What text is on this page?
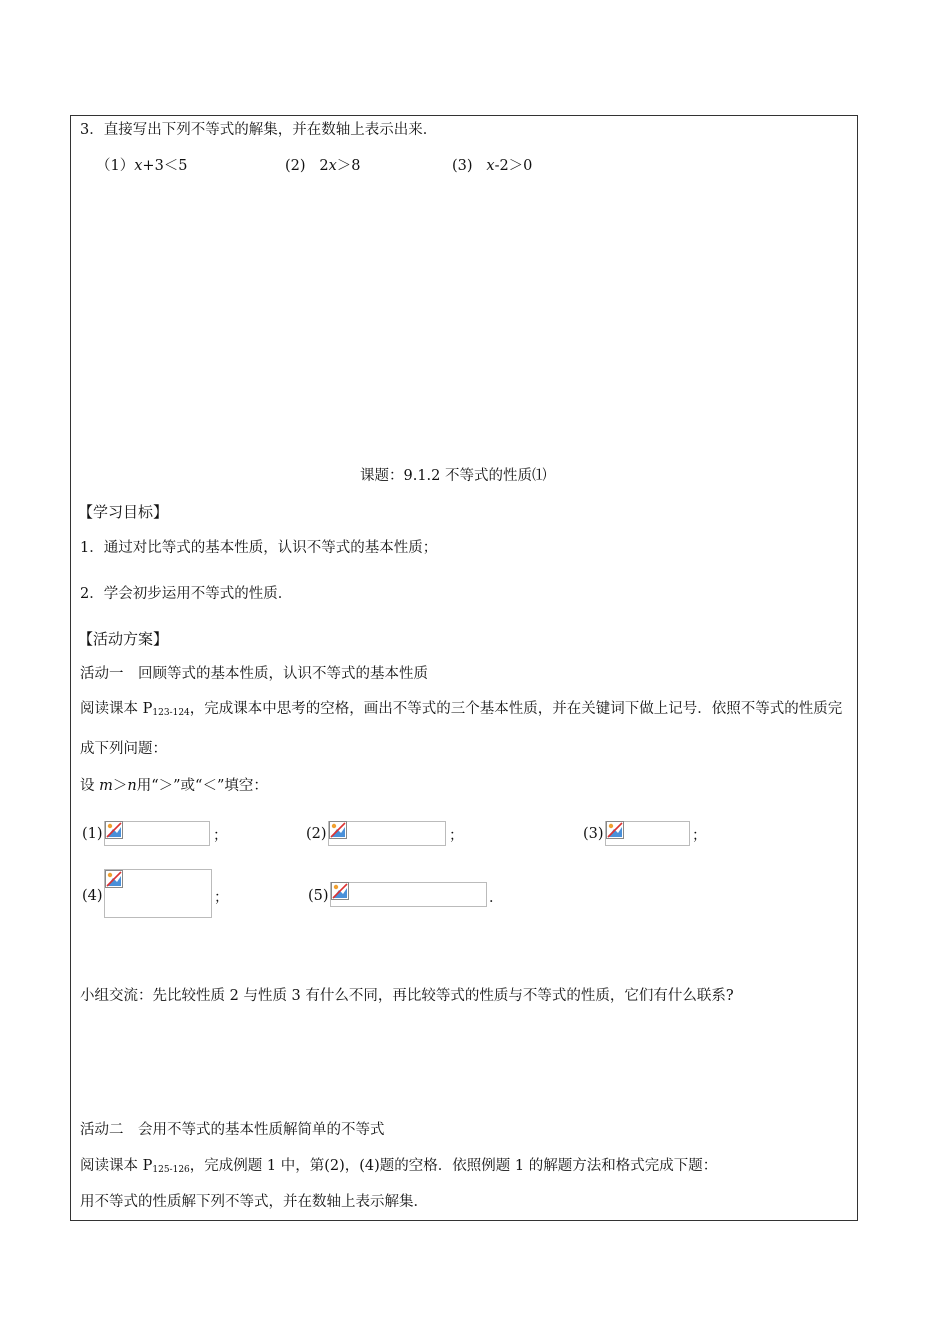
3．直接写出下列不等式的解集，并在数轴上表示出来．
（1）x+3＜5	(2) 2x＞8	(3) x-2＞0
课题：9.1.2 不等式的性质⑴
【学习目标】
1．通过对比等式的基本性质，认识不等式的基本性质；
2．学会初步运用不等式的性质．
【活动方案】
活动一　回顾等式的基本性质，认识不等式的基本性质
阅读课本 P123-124，完成课本中思考的空格，画出不等式的三个基本性质，并在关键词下做上记号．依照不等式的性质完成下列问题：
设 m＞n用“＞”或“＜”填空：
(1)	；	(2)	；	(3)	；
(4)	；	(5)	．
小组交流：先比较性质 2 与性质 3 有什么不同，再比较等式的性质与不等式的性质，它们有什么联系?
活动二　会用不等式的基本性质解简单的不等式
阅读课本 P125-126，完成例题 1 中，第(2)，(4)题的空格．依照例题 1 的解题方法和格式完成下题：
用不等式的性质解下列不等式，并在数轴上表示解集．
